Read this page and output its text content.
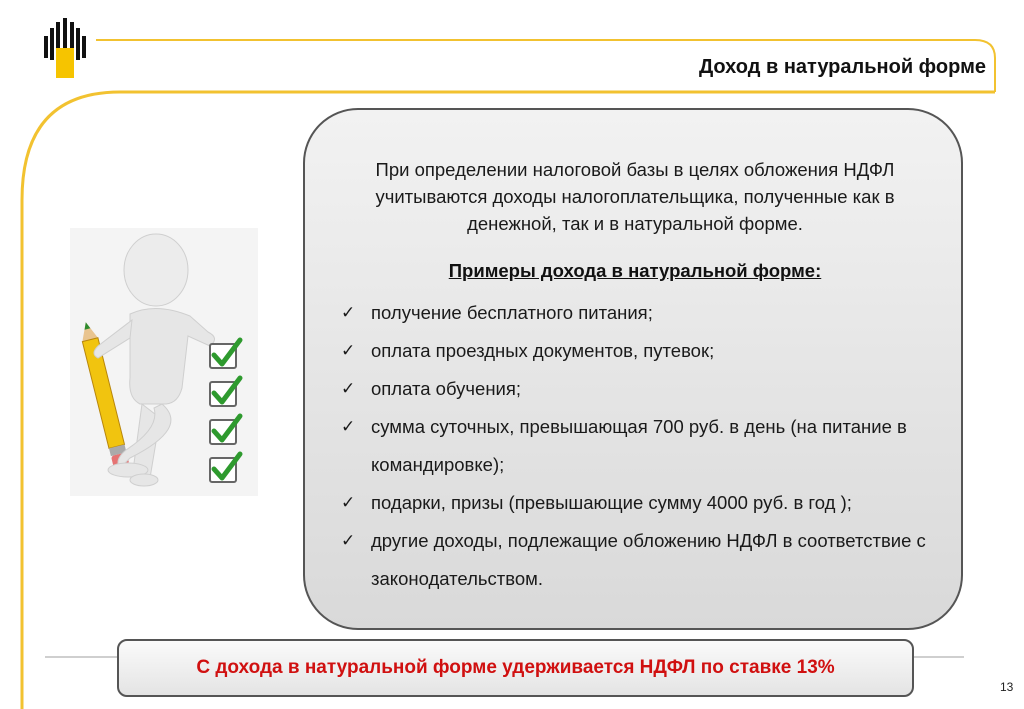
Доход в натуральной форме
При определении налоговой базы в целях обложения НДФЛ учитываются доходы налогоплательщика, полученные как в денежной, так и в натуральной форме.
Примеры дохода в натуральной форме:
✓ получение бесплатного питания;
✓ оплата проездных документов, путевок;
✓ оплата обучения;
✓ сумма суточных, превышающая 700 руб. в день (на питание в командировке);
✓ подарки, призы (превышающие сумму 4000 руб. в год );
✓ другие доходы, подлежащие обложению НДФЛ в соответствие с законодательством.
С дохода в натуральной форме удерживается НДФЛ по ставке 13%
13
